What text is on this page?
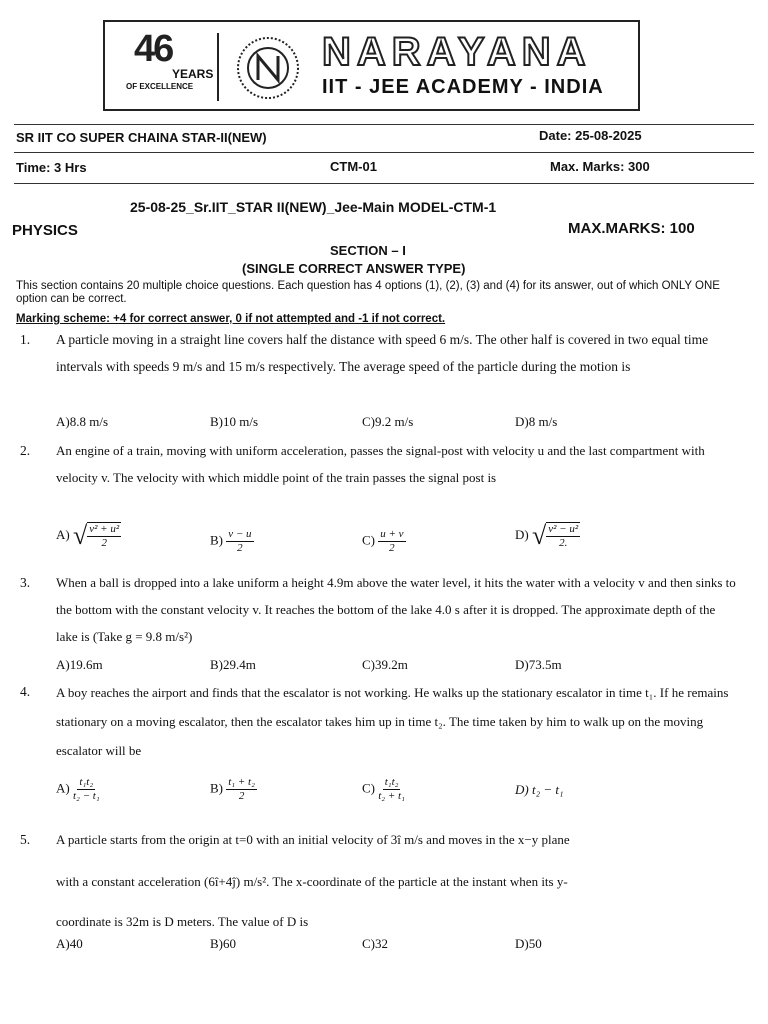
46
YEARS
OF EXCELLENCE
NARAYANA
IIT - JEE ACADEMY - INDIA
SR IIT CO SUPER CHAINA STAR-II(NEW)	Date: 25-08-2025
Time: 3 Hrs	CTM-01	Max. Marks: 300
25-08-25_Sr.IIT_STAR II(NEW)_Jee-Main MODEL-CTM-1
PHYSICS	MAX.MARKS: 100
SECTION – I
(SINGLE CORRECT ANSWER TYPE)
This section contains 20 multiple choice questions. Each question has 4 options (1), (2), (3) and (4) for its answer, out of which ONLY ONE option can be correct.
Marking scheme: +4 for correct answer, 0 if not attempted and -1 if not correct.
1. A particle moving in a straight line covers half the distance with speed 6 m/s. The other half is covered in two equal time intervals with speeds 9 m/s and 15 m/s respectively. The average speed of the particle during the motion is
A)8.8 m/s	B)10 m/s	C)9.2 m/s	D)8 m/s
2. An engine of a train, moving with uniform acceleration, passes the signal-post with velocity u and the last compartment with velocity v. The velocity with which middle point of the train passes the signal post is
A) √ $\frac{\text{v² + u²}}{2}$	$B) \frac{v - u}{2}$	$C) \frac{u + v}{2}$	D) √ $\frac{\text{v² − u²}}{2.}$
3. When a ball is dropped into a lake uniform a height 4.9m above the water level, it hits the water with a velocity v and then sinks to the bottom with the constant velocity v. It reaches the bottom of the lake 4.0 s after it is dropped. The approximate depth of the lake is (Take g = 9.8 m/s²)
A)19.6m	B)29.4m	C)39.2m	D)73.5m
4. A boy reaches the airport and finds that the escalator is not working. He walks up the stationary escalator in time t₁. If he remains stationary on a moving escalator, then the escalator takes him up in time t₂. The time taken by him to walk up on the moving escalator will be
$A) \frac{\text{t₁t₂}}{\text{t₂ − t₁}}$	$B) \frac{\text{t₁ + t₂}}{2}$	$C) \frac{\text{t₁t₂}}{\text{t₂ + t₁}}$	D) t₂ − t₁
5. A particle starts from the origin at t=0 with an initial velocity of 3î m/s and moves in the x−y plane
with a constant acceleration (6î+4ĵ) m/s². The x-coordinate of the particle at the instant when its y-
coordinate is 32m is D meters. The value of D is
A)40	B)60	C)32	D)50
